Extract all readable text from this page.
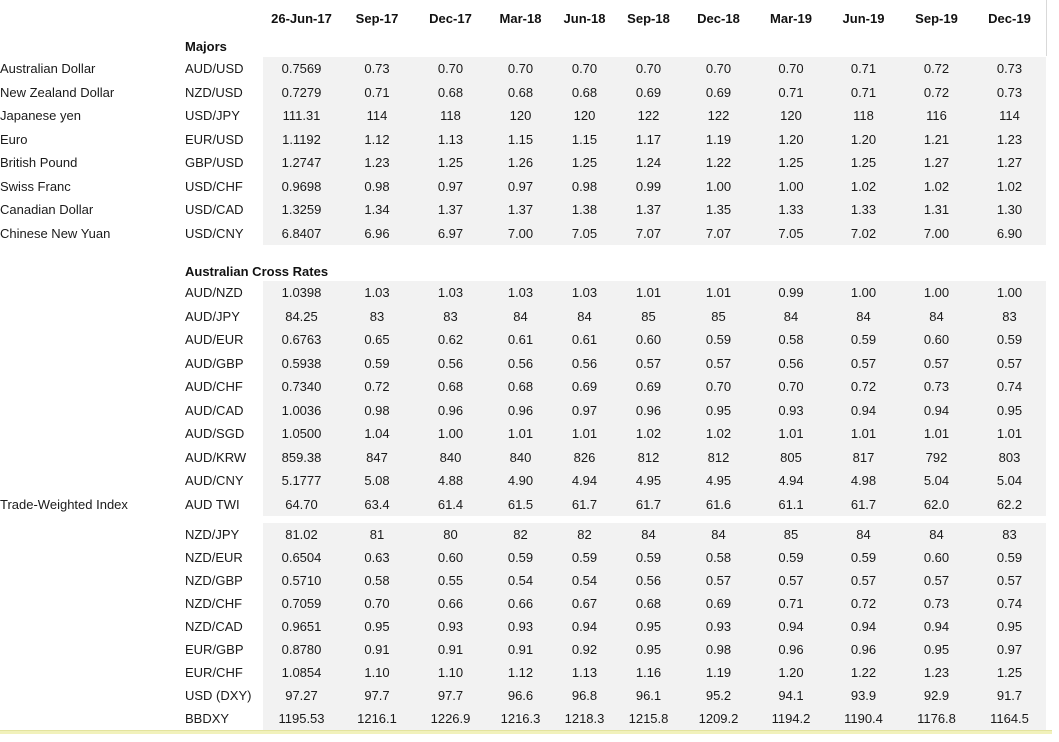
		26-Jun-17	Sep-17	Dec-17	Mar-18	Jun-18	Sep-18	Dec-18	Mar-19	Jun-19	Sep-19	Dec-19
	Majors											
Australian Dollar	AUD/USD	0.7569	0.73	0.70	0.70	0.70	0.70	0.70	0.70	0.71	0.72	0.73
New Zealand Dollar	NZD/USD	0.7279	0.71	0.68	0.68	0.68	0.69	0.69	0.71	0.71	0.72	0.73
Japanese yen	USD/JPY	111.31	114	118	120	120	122	122	120	118	116	114
Euro	EUR/USD	1.1192	1.12	1.13	1.15	1.15	1.17	1.19	1.20	1.20	1.21	1.23
British Pound	GBP/USD	1.2747	1.23	1.25	1.26	1.25	1.24	1.22	1.25	1.25	1.27	1.27
Swiss Franc	USD/CHF	0.9698	0.98	0.97	0.97	0.98	0.99	1.00	1.00	1.02	1.02	1.02
Canadian Dollar	USD/CAD	1.3259	1.34	1.37	1.37	1.38	1.37	1.35	1.33	1.33	1.31	1.30
Chinese New Yuan	USD/CNY	6.8407	6.96	6.97	7.00	7.05	7.07	7.07	7.05	7.02	7.00	6.90

	Australian Cross Rates											
	AUD/NZD	1.0398	1.03	1.03	1.03	1.03	1.01	1.01	0.99	1.00	1.00	1.00
	AUD/JPY	84.25	83	83	84	84	85	85	84	84	84	83
	AUD/EUR	0.6763	0.65	0.62	0.61	0.61	0.60	0.59	0.58	0.59	0.60	0.59
	AUD/GBP	0.5938	0.59	0.56	0.56	0.56	0.57	0.57	0.56	0.57	0.57	0.57
	AUD/CHF	0.7340	0.72	0.68	0.68	0.69	0.69	0.70	0.70	0.72	0.73	0.74
	AUD/CAD	1.0036	0.98	0.96	0.96	0.97	0.96	0.95	0.93	0.94	0.94	0.95
	AUD/SGD	1.0500	1.04	1.00	1.01	1.01	1.02	1.02	1.01	1.01	1.01	1.01
	AUD/KRW	859.38	847	840	840	826	812	812	805	817	792	803
	AUD/CNY	5.1777	5.08	4.88	4.90	4.94	4.95	4.95	4.94	4.98	5.04	5.04
Trade-Weighted Index	AUD TWI	64.70	63.4	61.4	61.5	61.7	61.7	61.6	61.1	61.7	62.0	62.2

	NZD/JPY	81.02	81	80	82	82	84	84	85	84	84	83
	NZD/EUR	0.6504	0.63	0.60	0.59	0.59	0.59	0.58	0.59	0.59	0.60	0.59
	NZD/GBP	0.5710	0.58	0.55	0.54	0.54	0.56	0.57	0.57	0.57	0.57	0.57
	NZD/CHF	0.7059	0.70	0.66	0.66	0.67	0.68	0.69	0.71	0.72	0.73	0.74
	NZD/CAD	0.9651	0.95	0.93	0.93	0.94	0.95	0.93	0.94	0.94	0.94	0.95
	EUR/GBP	0.8780	0.91	0.91	0.91	0.92	0.95	0.98	0.96	0.96	0.95	0.97
	EUR/CHF	1.0854	1.10	1.10	1.12	1.13	1.16	1.19	1.20	1.22	1.23	1.25
	USD (DXY)	97.27	97.7	97.7	96.6	96.8	96.1	95.2	94.1	93.9	92.9	91.7
	BBDXY	1195.53	1216.1	1226.9	1216.3	1218.3	1215.8	1209.2	1194.2	1190.4	1176.8	1164.5
